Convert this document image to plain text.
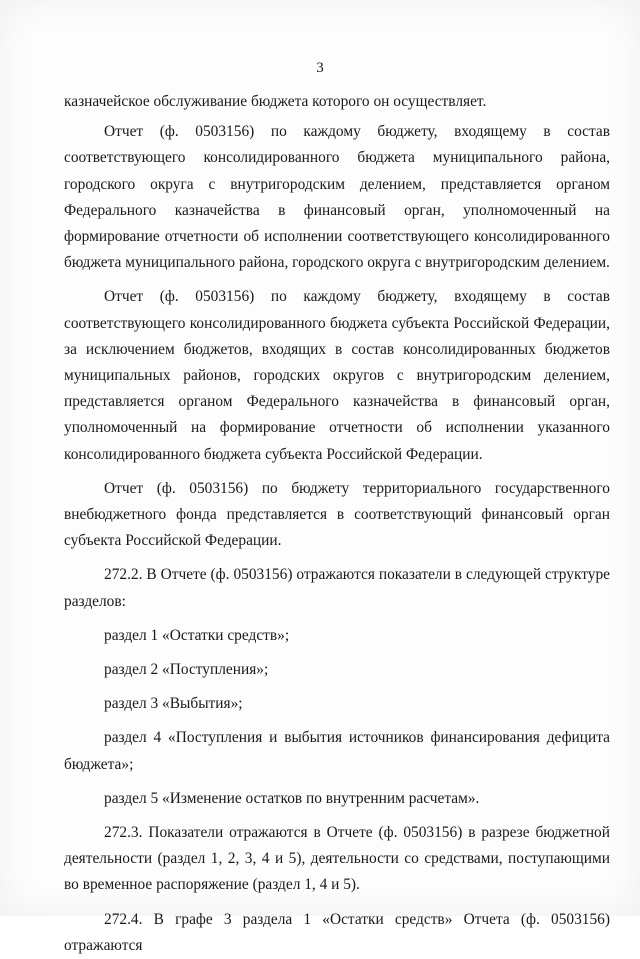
3

казначейское обслуживание бюджета которого он осуществляет.

Отчет (ф. 0503156) по каждому бюджету, входящему в состав соответствующего консолидированного бюджета муниципального района, городского округа с внутригородским делением, представляется органом Федерального казначейства в финансовый орган, уполномоченный на формирование отчетности об исполнении соответствующего консолидированного бюджета муниципального района, городского округа с внутригородским делением.

Отчет (ф. 0503156) по каждому бюджету, входящему в состав соответствующего консолидированного бюджета субъекта Российской Федерации, за исключением бюджетов, входящих в состав консолидированных бюджетов муниципальных районов, городских округов с внутригородским делением, представляется органом Федерального казначейства в финансовый орган, уполномоченный на формирование отчетности об исполнении указанного консолидированного бюджета субъекта Российской Федерации.

Отчет (ф. 0503156) по бюджету территориального государственного внебюджетного фонда представляется в соответствующий финансовый орган субъекта Российской Федерации.

272.2. В Отчете (ф. 0503156) отражаются показатели в следующей структуре разделов:

раздел 1 «Остатки средств»;

раздел 2 «Поступления»;

раздел 3 «Выбытия»;

раздел 4 «Поступления и выбытия источников финансирования дефицита бюджета»;

раздел 5 «Изменение остатков по внутренним расчетам».

272.3. Показатели отражаются в Отчете (ф. 0503156) в разрезе бюджетной деятельности (раздел 1, 2, 3, 4 и 5), деятельности со средствами, поступающими во временное распоряжение (раздел 1, 4 и 5).

272.4. В графе 3 раздела 1 «Остатки средств» Отчета (ф. 0503156) отражаются
